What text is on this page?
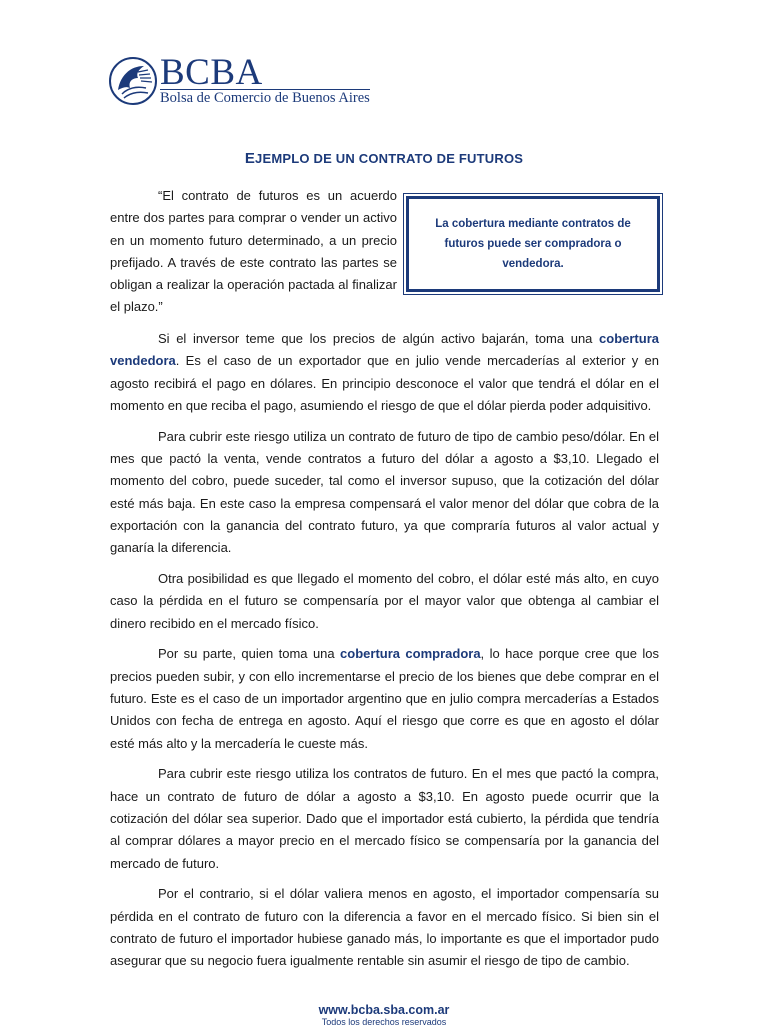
BCBA
Bolsa de Comercio de Buenos Aires
EJEMPLO DE UN CONTRATO DE FUTUROS

“El contrato de futuros es un acuerdo entre dos partes para comprar o vender un activo en un momento futuro determinado, a un precio prefijado. A través de este contrato las partes se obligan a realizar la operación pactada al finalizar el plazo.”

La cobertura mediante contratos de futuros puede ser compradora o vendedora.

Si el inversor teme que los precios de algún activo bajarán, toma una cobertura vendedora. Es el caso de un exportador que en julio vende mercaderías al exterior y en agosto recibirá el pago en dólares. En principio desconoce el valor que tendrá el dólar en el momento en que reciba el pago, asumiendo el riesgo de que el dólar pierda poder adquisitivo.

Para cubrir este riesgo utiliza un contrato de futuro de tipo de cambio peso/dólar. En el mes que pactó la venta, vende contratos a futuro del dólar a agosto a $3,10. Llegado el momento del cobro, puede suceder, tal como el inversor supuso, que la cotización del dólar esté más baja. En este caso la empresa compensará el valor menor del dólar que cobra de la exportación con la ganancia del contrato futuro, ya que compraría futuros al valor actual y ganaría la diferencia.

Otra posibilidad es que llegado el momento del cobro, el dólar esté más alto, en cuyo caso la pérdida en el futuro se compensaría por el mayor valor que obtenga al cambiar el dinero recibido en el mercado físico.

Por su parte, quien toma una cobertura compradora, lo hace porque cree que los precios pueden subir, y con ello incrementarse el precio de los bienes que debe comprar en el futuro. Este es el caso de un importador argentino que en julio compra mercaderías a Estados Unidos con fecha de entrega en agosto. Aquí el riesgo que corre es que en agosto el dólar esté más alto y la mercadería le cueste más.

Para cubrir este riesgo utiliza los contratos de futuro. En el mes que pactó la compra, hace un contrato de futuro de dólar a agosto a $3,10. En agosto puede ocurrir que la cotización del dólar sea superior. Dado que el importador está cubierto, la pérdida que tendría al comprar dólares a mayor precio en el mercado físico se compensaría por la ganancia del mercado de futuro.

Por el contrario, si el dólar valiera menos en agosto, el importador compensaría su pérdida en el contrato de futuro con la diferencia a favor en el mercado físico. Si bien sin el contrato de futuro el importador hubiese ganado más, lo importante es que el importador pudo asegurar que su negocio fuera igualmente rentable sin asumir el riesgo de tipo de cambio.

www.bcba.sba.com.ar
Todos los derechos reservados
